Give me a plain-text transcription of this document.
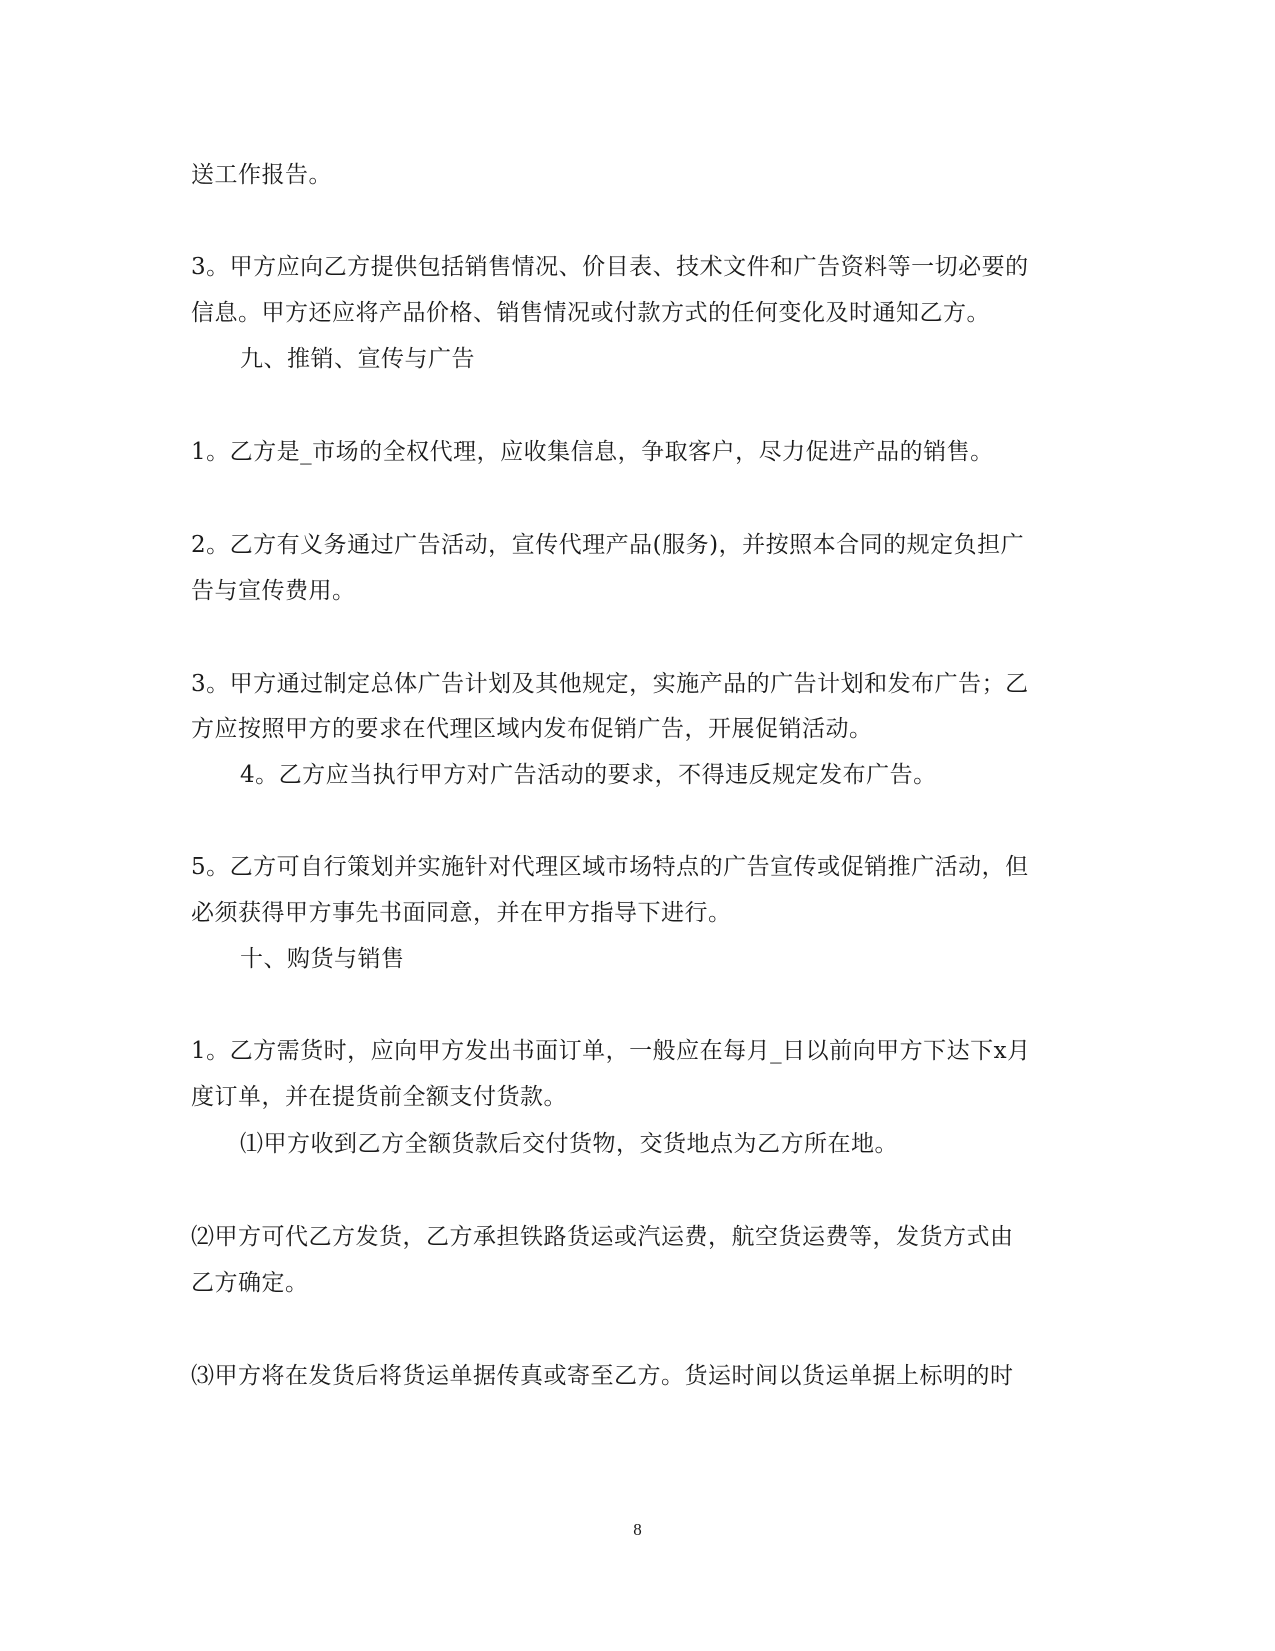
送工作报告。
3。甲方应向乙方提供包括销售情况、价目表、技术文件和广告资料等一切必要的
信息。甲方还应将产品价格、销售情况或付款方式的任何变化及时通知乙方。
九、推销、宣传与广告
1。乙方是_市场的全权代理，应收集信息，争取客户，尽力促进产品的销售。
2。乙方有义务通过广告活动，宣传代理产品(服务)，并按照本合同的规定负担广
告与宣传费用。
3。甲方通过制定总体广告计划及其他规定，实施产品的广告计划和发布广告；乙
方应按照甲方的要求在代理区域内发布促销广告，开展促销活动。
4。乙方应当执行甲方对广告活动的要求，不得违反规定发布广告。
5。乙方可自行策划并实施针对代理区域市场特点的广告宣传或促销推广活动，但
必须获得甲方事先书面同意，并在甲方指导下进行。
十、购货与销售
1。乙方需货时，应向甲方发出书面订单，一般应在每月_日以前向甲方下达下x月
度订单，并在提货前全额支付货款。
⑴甲方收到乙方全额货款后交付货物，交货地点为乙方所在地。
⑵甲方可代乙方发货，乙方承担铁路货运或汽运费，航空货运费等，发货方式由
乙方确定。
⑶甲方将在发货后将货运单据传真或寄至乙方。货运时间以货运单据上标明的时
8
